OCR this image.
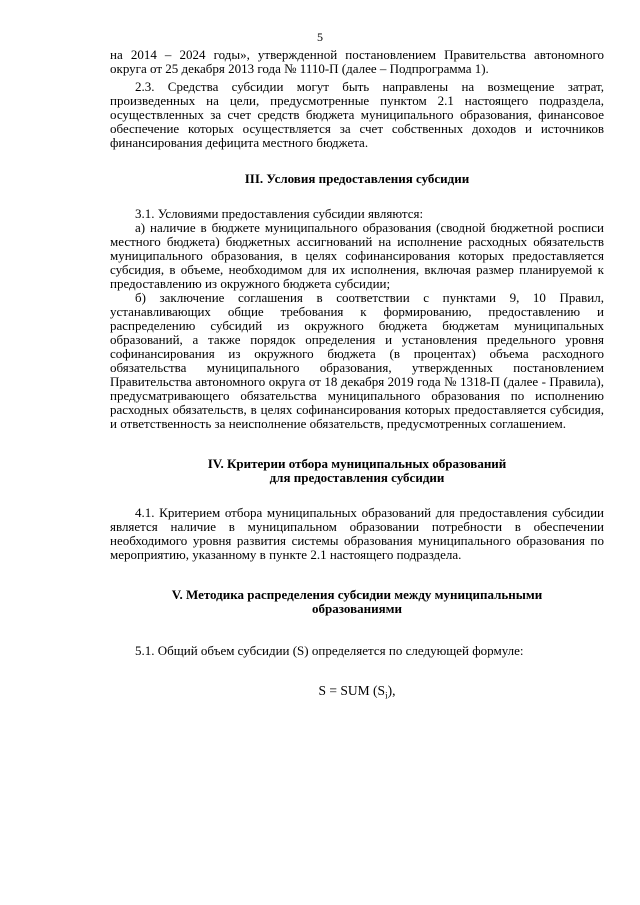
5

на 2014 – 2024 годы», утвержденной постановлением Правительства автономного округа от 25 декабря 2013 года № 1110-П (далее – Подпрограмма 1).

2.3. Средства субсидии могут быть направлены на возмещение затрат, произведенных на цели, предусмотренные пунктом 2.1 настоящего подраздела, осуществленных за счет средств бюджета муниципального образования, финансовое обеспечение которых осуществляется за счет собственных доходов и источников финансирования дефицита местного бюджета.

III. Условия предоставления субсидии

3.1. Условиями предоставления субсидии являются:

а) наличие в бюджете муниципального образования (сводной бюджетной росписи местного бюджета) бюджетных ассигнований на исполнение расходных обязательств муниципального образования, в целях софинансирования которых предоставляется субсидия, в объеме, необходимом для их исполнения, включая размер планируемой к предоставлению из окружного бюджета субсидии;

б) заключение соглашения в соответствии с пунктами 9, 10 Правил, устанавливающих общие требования к формированию, предоставлению и распределению субсидий из окружного бюджета бюджетам муниципальных образований, а также порядок определения и установления предельного уровня софинансирования из окружного бюджета (в процентах) объема расходного обязательства муниципального образования, утвержденных постановлением Правительства автономного округа от 18 декабря 2019 года № 1318-П (далее - Правила), предусматривающего обязательства муниципального образования по исполнению расходных обязательств, в целях софинансирования которых предоставляется субсидия, и ответственность за неисполнение обязательств, предусмотренных соглашением.

IV. Критерии отбора муниципальных образований
для предоставления субсидии

4.1. Критерием отбора муниципальных образований для предоставления субсидии является наличие в муниципальном образовании потребности в обеспечении необходимого уровня развития системы образования муниципального образования по мероприятию, указанному в пункте 2.1 настоящего подраздела.

V. Методика распределения субсидии между муниципальными
образованиями

5.1. Общий объем субсидии (S) определяется по следующей формуле:

S = SUM $(S_i)$,
